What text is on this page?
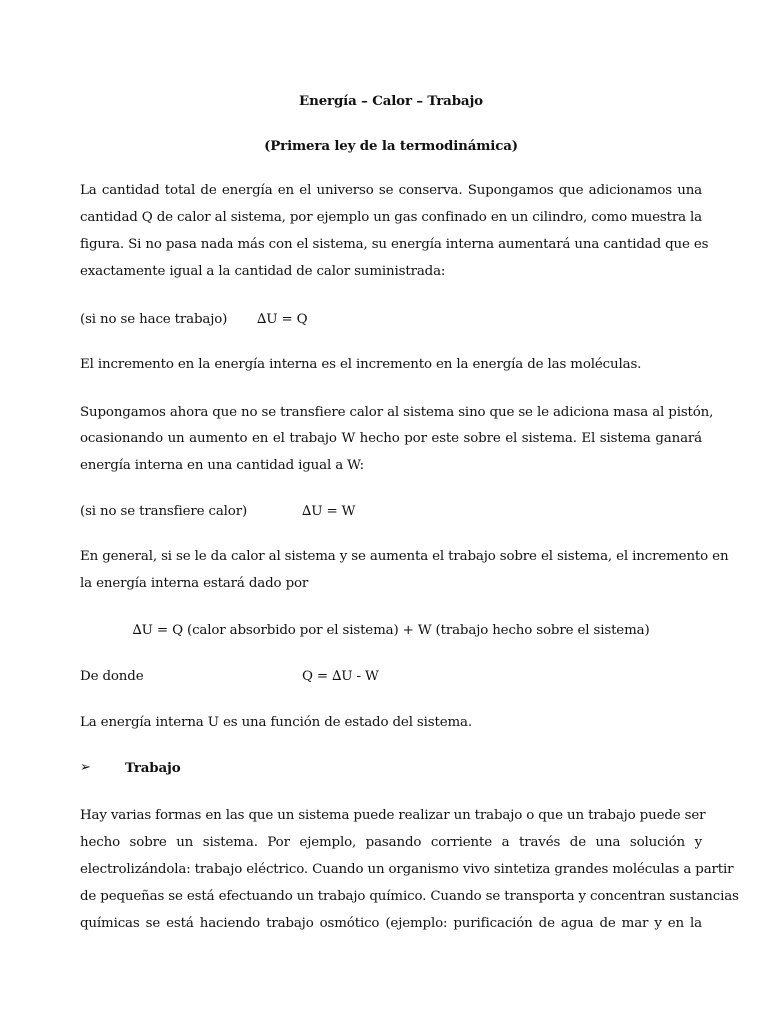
Energía – Calor – Trabajo
(Primera ley de la termodinámica)
La cantidad total de energía en el universo se conserva. Supongamos que adicionamos una
cantidad Q de calor al sistema, por ejemplo un gas confinado en un cilindro, como muestra la
figura. Si no pasa nada más con el sistema, su energía interna aumentará una cantidad que es
exactamente igual a la cantidad de calor suministrada:
(si no se hace trabajo) ∆U = Q
El incremento en la energía interna es el incremento en la energía de las moléculas.
Supongamos ahora que no se transfiere calor al sistema sino que se le adiciona masa al pistón,
ocasionando un aumento en el trabajo W hecho por este sobre el sistema. El sistema ganará
energía interna en una cantidad igual a W:
(si no se transfiere calor)	∆U = W
En general, si se le da calor al sistema y se aumenta el trabajo sobre el sistema, el incremento en
la energía interna estará dado por
∆U = Q (calor absorbido por el sistema) + W (trabajo hecho sobre el sistema)
De donde	Q = ∆U - W
La energía interna U es una función de estado del sistema.
➢	Trabajo
Hay varias formas en las que un sistema puede realizar un trabajo o que un trabajo puede ser
hecho sobre un sistema. Por ejemplo, pasando corriente a través de una solución y
electrolizándola: trabajo eléctrico. Cuando un organismo vivo sintetiza grandes moléculas a partir
de pequeñas se está efectuando un trabajo químico. Cuando se transporta y concentran sustancias
químicas se está haciendo trabajo osmótico (ejemplo: purificación de agua de mar y en la
